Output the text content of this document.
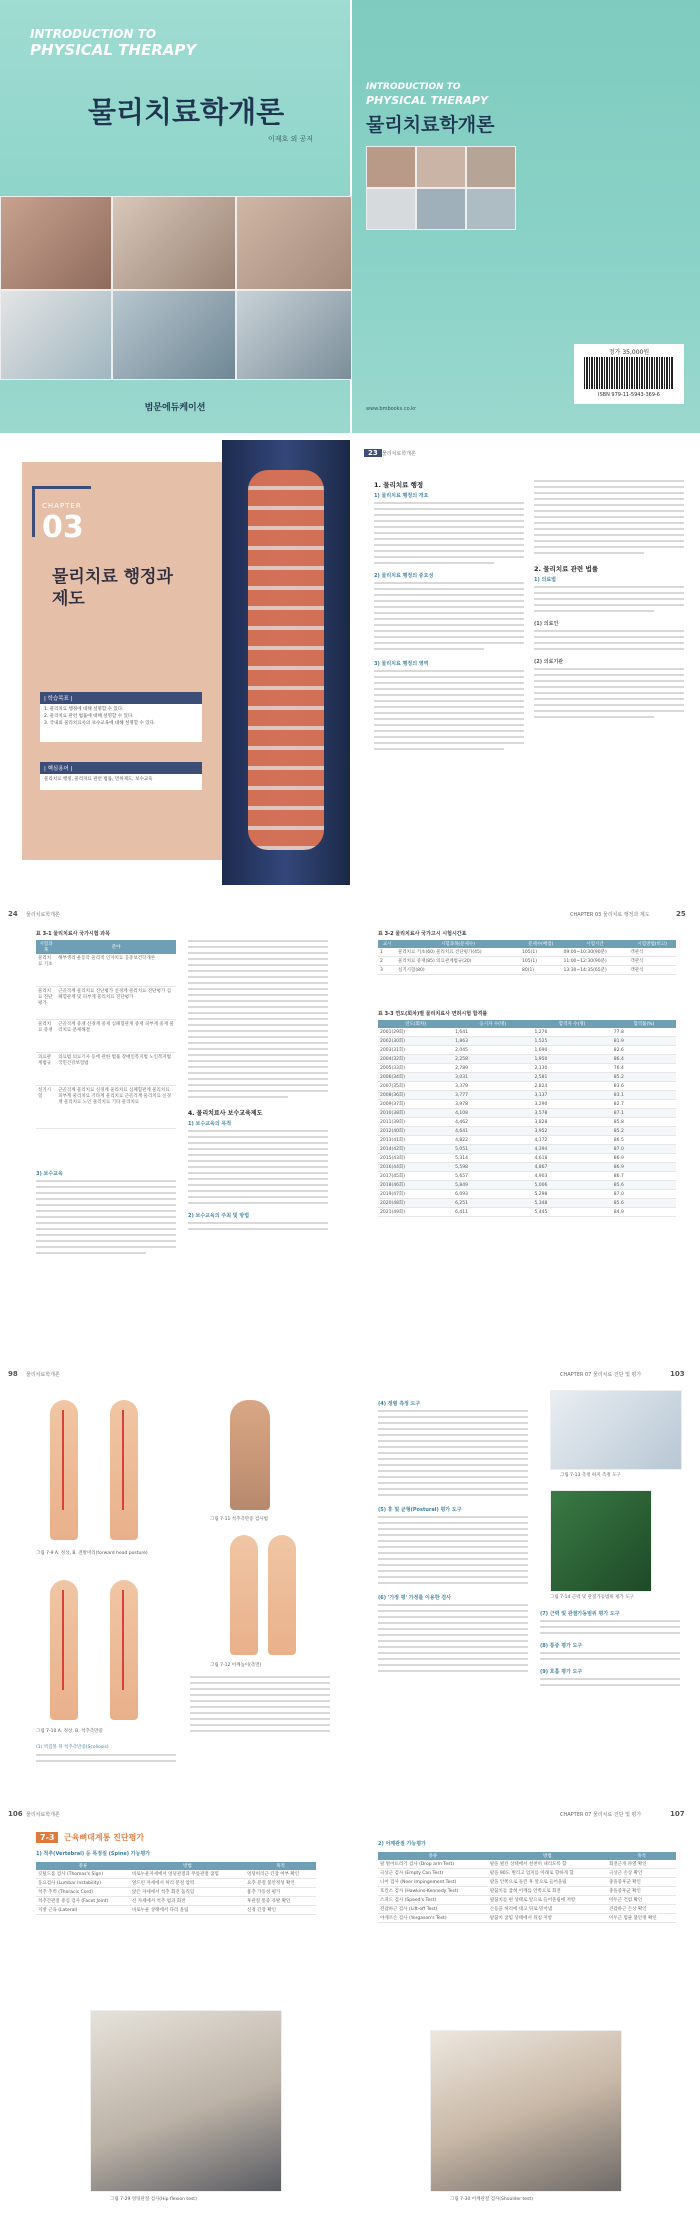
INTRODUCTION TO
PHYSICAL THERAPY
물리치료학개론
이재호 외 공저
범문에듀케이션
INTRODUCTION TO
PHYSICAL THERAPY
물리치료학개론
정가 35,000원
ISBN 979-11-5943-369-6
www.bmbooks.co.kr
CHAPTER
03
물리치료 행정과
제도
| 학습목표 |
1. 물리치료 행정에 대해 설명할 수 있다.
2. 물리치료 관련 법률에 대해 설명할 수 있다.
3. 국내외 물리치료사의 보수교육에 대해 설명할 수 있다.
| 핵심용어 |
물리치료 행정, 물리치료 관련 법률, 면허제도, 보수교육
23 물리치료학개론
1. 물리치료 행정
1) 물리치료 행정의 개요
2) 물리치료 행정의 중요성
3) 물리치료 행정의 영역
2. 물리치료 관련 법률
1) 의료법
(1) 의료인
(2) 의료기관
24 물리치료학개론	25
CHAPTER 03 물리치료 행정과 제도
표 3-1 물리치료사 국가시험 과목
시험과목	분야
물리치료 기초	해부생리 운동학 물리적 인자치료 공중보건학개론
물리치료 진단평가	근골격계 물리치료 진단평가 신경계 물리치료 진단평가 심폐혈관계 및 피부계 물리치료 진단평가
물리치료 중재	근골격계 중재 신경계 중재 심폐혈관계 중재 피부계 중재 물리치료 문제해결
의료관계법규	의료법 의료기사 등에 관한 법률 장애인복지법 노인복지법 국민건강보험법
실기시험	근골격계 물리치료 신경계 물리치료 심폐혈관계 물리치료 피부계 물리치료 기타계 물리치료 근골격계 물리치료 신경계 물리치료 노인 물리치료 기타 물리치료
3) 보수교육
4. 물리치료사 보수교육제도
1) 보수교육의 목적
2) 보수교육의 주최 및 방법
표 3-2 물리치료사 국가고시 시험시간표
교시	시험과목(문제수)	문제수(배점)	시험시간	시험방법(비고)
1	물리치료 기초(60) 물리치료 진단평가(45)	105(1)	09:00~10:30(90분)	객관식
2	물리치료 중재(85) 의료관계법규(20)	105(1)	11:00~12:30(90분)	객관식
3	실기시험(80)	80(1)	13:30~14:35(65분)	객관식
표 3-3 연도(회차)별 물리치료사 면허시험 합격률
연도(회차)	응시자 수(명)	합격자 수(명)	합격률(%)
2001(29회)	1,641	1,276	77.8
2002(30회)	1,863	1,525	81.9
2003(31회)	2,045	1,690	82.6
2004(32회)	2,258	1,950	86.4
2005(33회)	2,789	2,130	76.4
2006(34회)	3,031	2,581	85.2
2007(35회)	3,379	2,824	83.6
2008(36회)	3,777	3,137	83.1
2009(37회)	3,978	3,290	82.7
2010(38회)	4,108	3,578	87.1
2011(39회)	4,462	3,828	85.8
2012(40회)	4,641	3,952	85.2
2013(41회)	4,822	4,172	86.5
2014(42회)	5,051	4,394	87.0
2015(43회)	5,314	4,618	86.9
2016(44회)	5,598	4,867	86.9
2017(45회)	5,657	4,903	86.7
2018(46회)	5,849	5,006	85.6
2019(47회)	6,093	5,298	87.0
2020(48회)	6,251	5,348	85.6
2021(49회)	6,411	5,445	84.9
98 물리치료학개론	103
CHAPTER 07 물리치료 진단 및 평가
그림 7-9 A. 정상, B. 전방머리(forward head posture)
그림 7-10 A. 정상, B. 척추측만증
(1) 벽짐볼 뒤 척추측만증(Scoliosis)
그림 7-11 척추측만증 검사법
그림 7-12 어깨높이(측면)
(4) 정렬 측정 도구
(5) 휴 및 균형(Postural) 평가 도구
(6) '가정 평' 가정를 이용한 검사
그림 7-13 측정 하지 측정 도구
그림 7-14 근력 및 관절가동범위 평가 도구
(7) 근력 및 관절가동범위 평가 도구
(8) 통증 평가 도구
(9) 호흡 평가 도구
106 물리치료학개론	107
CHAPTER 07 물리치료 진단 및 평가
7-3	근육뼈대계통 진단평가
1) 척추(Vertebral) 등 특정질 (Spine) 가능평가
종류	방법	목적
깃털드롭 검사 (Thomas's Sign)	바로누운자세에서 엉덩관절과 무릎관절 굽힘	엉덩허리근 긴장 여부 확인
동요검사 (Lumbar Instability)	엎드린 자세에서 허리 분절 압력	요추 분절 불안정성 확인
척추 추벽 (Thoracic Cord)	앉은 자세에서 척추 회전 움직임	흉추 가동성 평가
척추간관절 중심 검사 (Facet Joint)	선 자세에서 척추 폄과 회전	후관절 통증 유발 확인
지방 근육 (Lateral)	바로누운 상태에서 다리 올림	신경 긴장 확인
그림 7-29 엉덩관절 검사(Hip flexion test)
2) 어깨관절 가능평가
종류	방법	목적
팔 떨어뜨리기 검사 (Drop arm Test)	팔을 벌린 상태에서 천천히 내리도록 함	회전근개 파열 확인
극상근 검사 (Empty Can Test)	팔을 90도 벌리고 엄지를 아래로 향하게 함	극상근 손상 확인
니어 검사 (Neer Impingement Test)	팔을 안쪽으로 돌린 후 앞으로 들어올림	충돌증후군 확인
호킨스 검사 (Hawkins-Kennedy Test)	팔꿈치를 굽혀 어깨를 안쪽으로 회전	충돌증후군 확인
스피드 검사 (Speed's Test)	팔꿈치를 편 상태로 앞으로 들어올림에 저항	이두근 건염 확인
견갑하근 검사 (Lift-off Test)	손등을 허리에 대고 뒤로 밀어냄	견갑하근 손상 확인
야게르손 검사 (Yergason's Test)	팔꿈치 굽힘 상태에서 뒤침 저항	이두근 힘줄 불안정 확인
그림 7-30 어깨관절 검사(Shoulder test)
